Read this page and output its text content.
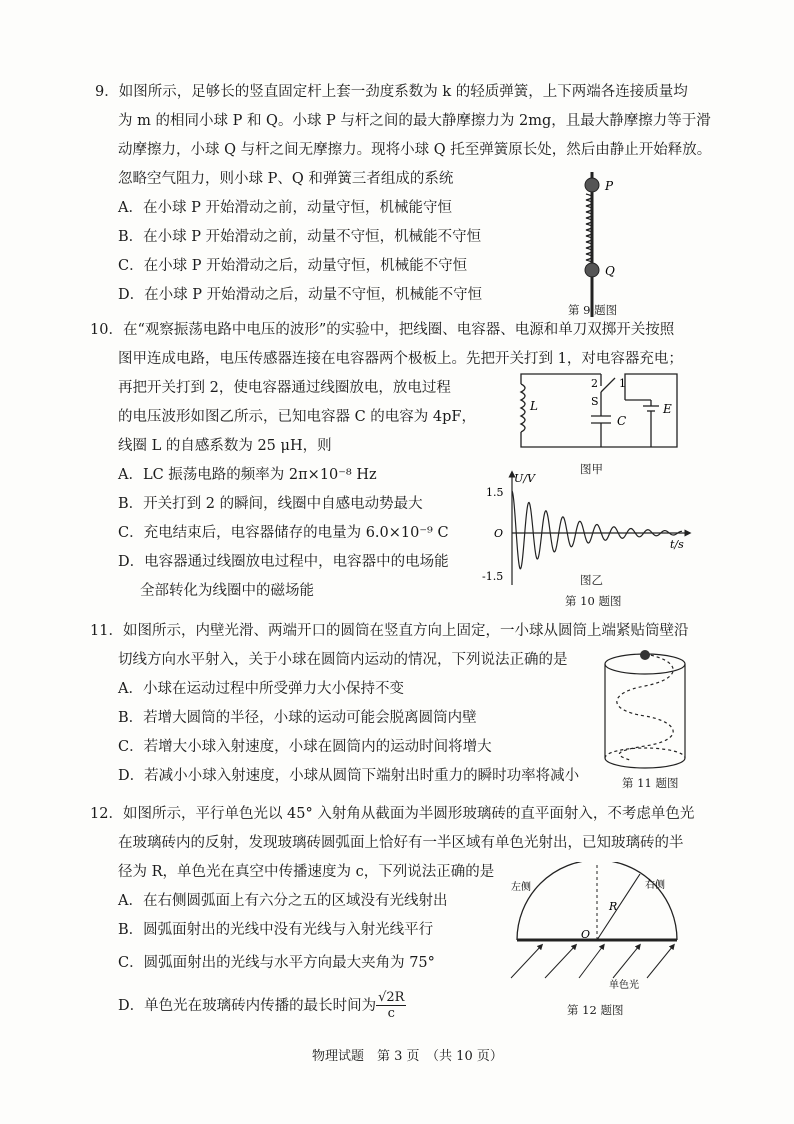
9．如图所示，足够长的竖直固定杆上套一劲度系数为 k 的轻质弹簧，上下两端各连接质量均
为 m 的相同小球 P 和 Q。小球 P 与杆之间的最大静摩擦力为 2mg，且最大静摩擦力等于滑
动摩擦力，小球 Q 与杆之间无摩擦力。现将小球 Q 托至弹簧原长处，然后由静止开始释放。
忽略空气阻力，则小球 P、Q 和弹簧三者组成的系统
A．在小球 P 开始滑动之前，动量守恒，机械能守恒
B．在小球 P 开始滑动之前，动量不守恒，机械能不守恒
C．在小球 P 开始滑动之后，动量守恒，机械能不守恒
D．在小球 P 开始滑动之后，动量不守恒，机械能不守恒
P
Q
第 9 题图
10．在“观察振荡电路中电压的波形”的实验中，把线圈、电容器、电源和单刀双掷开关按照
图甲连成电路，电压传感器连接在电容器两个极板上。先把开关打到 1，对电容器充电；
再把开关打到 2，使电容器通过线圈放电，放电过程
的电压波形如图乙所示，已知电容器 C 的电容为 4pF，
线圈 L 的自感系数为 25 μH，则
A．LC 振荡电路的频率为 2π×10⁻⁸ Hz
B．开关打到 2 的瞬间，线圈中自感电动势最大
C．充电结束后，电容器储存的电量为 6.0×10⁻⁹ C
D．电容器通过线圈放电过程中，电容器中的电场能
全部转化为线圈中的磁场能
L
2 1
S
C
E
图甲
U/V
t/s
1.5
-1.5
O
图乙
第 10 题图
11．如图所示，内壁光滑、两端开口的圆筒在竖直方向上固定，一小球从圆筒上端紧贴筒壁沿
切线方向水平射入，关于小球在圆筒内运动的情况，下列说法正确的是
A．小球在运动过程中所受弹力大小保持不变
B．若增大圆筒的半径，小球的运动可能会脱离圆筒内壁
C．若增大小球入射速度，小球在圆筒内的运动时间将增大
D．若减小小球入射速度，小球从圆筒下端射出时重力的瞬时功率将减小	第 11 题图
12．如图所示，平行单色光以 45° 入射角从截面为半圆形玻璃砖的直平面射入，不考虑单色光
在玻璃砖内的反射，发现玻璃砖圆弧面上恰好有一半区域有单色光射出，已知玻璃砖的半
径为 R，单色光在真空中传播速度为 c，下列说法正确的是
A．在右侧圆弧面上有六分之五的区域没有光线射出
B．圆弧面射出的光线中没有光线与入射光线平行
C．圆弧面射出的光线与水平方向最大夹角为 75°
D．单色光在玻璃砖内传播的最长时间为 $\frac{√2R}{c}$
左侧	右侧
R
O
单色光
第 12 题图
物理试题　第 3 页　（共 10 页）
